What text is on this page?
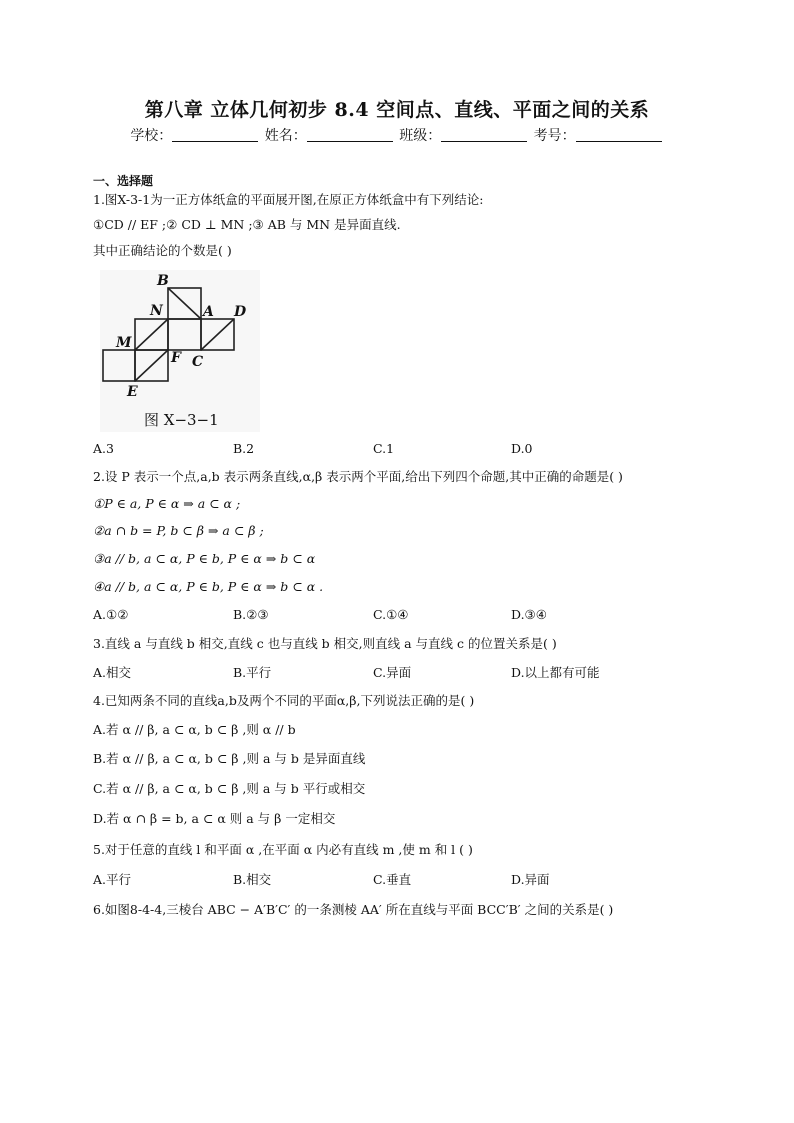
第八章 立体几何初步 8.4 空间点、直线、平面之间的关系
学校：	姓名：	班级：	考号：
一、选择题
1.图X-3-1为一正方体纸盒的平面展开图,在原正方体纸盒中有下列结论:
①CD // EF ;② CD ⊥ MN ;③ AB 与 MN 是异面直线.
其中正确结论的个数是( )
B
N	A D
M
F C
E
图 X−3−1
A.3	B.2	C.1	D.0
2.设 P 表示一个点,a,b 表示两条直线,α,β 表示两个平面,给出下列四个命题,其中正确的命题是( )
①P ∈ a, P ∈ α ⇒ a ⊂ α ;
②a ∩ b = P, b ⊂ β ⇒ a ⊂ β ;
③a // b, a ⊂ α, P ∈ b, P ∈ α ⇒ b ⊂ α
④a // b, a ⊂ α, P ∈ b, P ∈ α ⇒ b ⊂ α .
A.①②	B.②③	C.①④	D.③④
3.直线 a 与直线 b 相交,直线 c 也与直线 b 相交,则直线 a 与直线 c 的位置关系是( )
A.相交	B.平行	C.异面	D.以上都有可能
4.已知两条不同的直线a,b及两个不同的平面α,β,下列说法正确的是( )
A.若 α // β, a ⊂ α, b ⊂ β ,则 α // b
B.若 α // β, a ⊂ α, b ⊂ β ,则 a 与 b 是异面直线
C.若 α // β, a ⊂ α, b ⊂ β ,则 a 与 b 平行或相交
D.若 α ∩ β = b, a ⊂ α 则 a 与 β 一定相交
5.对于任意的直线 l 和平面 α ,在平面 α 内必有直线 m ,使 m 和 l ( )
A.平行	B.相交	C.垂直	D.异面
6.如图8-4-4,三棱台 ABC − A′B′C′ 的一条测棱 AA′ 所在直线与平面 BCC′B′ 之间的关系是( )
